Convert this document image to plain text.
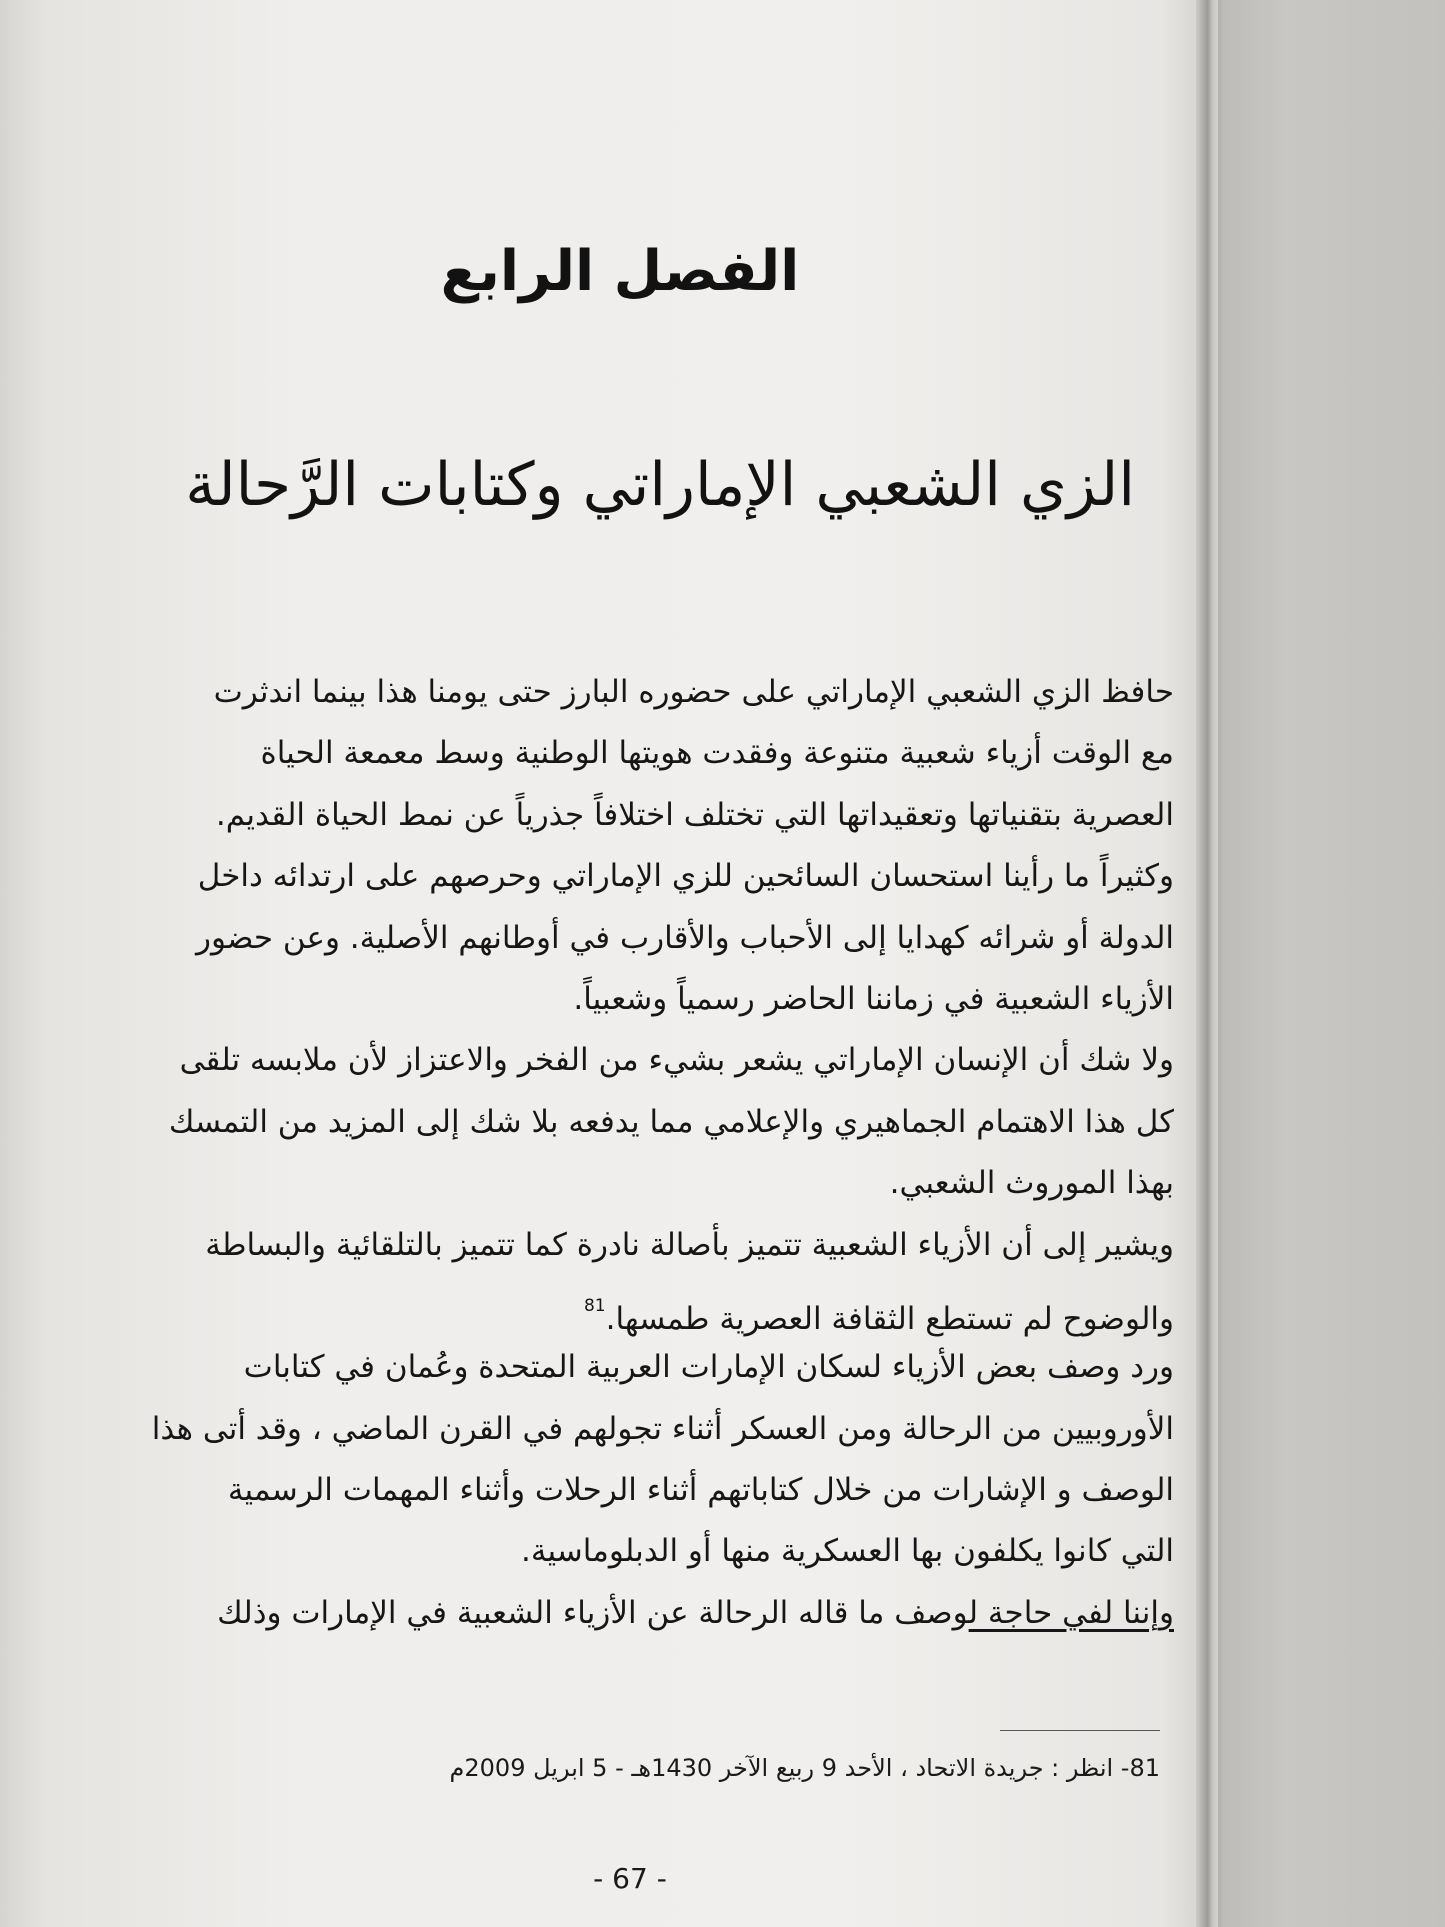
الفصل الرابع
الزي الشعبي الإماراتي وكتابات الرَّحالة
حافظ الزي الشعبي الإماراتي على حضوره البارز حتى يومنا هذا بينما اندثرت
مع الوقت أزياء شعبية متنوعة وفقدت هويتها الوطنية وسط معمعة الحياة
العصرية بتقنياتها وتعقيداتها التي تختلف اختلافاً جذرياً عن نمط الحياة القديم.
وكثيراً ما رأينا استحسان السائحين للزي الإماراتي وحرصهم على ارتدائه داخل
الدولة أو شرائه كهدايا إلى الأحباب والأقارب في أوطانهم الأصلية. وعن حضور
الأزياء الشعبية في زماننا الحاضر رسمياً وشعبياً.
ولا شك أن الإنسان الإماراتي يشعر بشيء من الفخر والاعتزاز لأن ملابسه تلقى
كل هذا الاهتمام الجماهيري والإعلامي مما يدفعه بلا شك إلى المزيد من التمسك
بهذا الموروث الشعبي.
ويشير إلى أن الأزياء الشعبية تتميز بأصالة نادرة كما تتميز بالتلقائية والبساطة
والوضوح لم تستطع الثقافة العصرية طمسها.$^{81}$
ورد وصف بعض الأزياء لسكان الإمارات العربية المتحدة وعُمان في كتابات
الأوروبيين من الرحالة ومن العسكر أثناء تجولهم في القرن الماضي ، وقد أتى هذا
الوصف و الإشارات من خلال كتاباتهم أثناء الرحلات وأثناء المهمات الرسمية
التي كانوا يكلفون بها العسكرية منها أو الدبلوماسية.
وإننا لفي حاجة لوصف ما قاله الرحالة عن الأزياء الشعبية في الإمارات وذلك
81- انظر : جريدة الاتحاد ، الأحد 9 ربيع الآخر 1430هـ - 5 ابريل 2009م
- 67 -
